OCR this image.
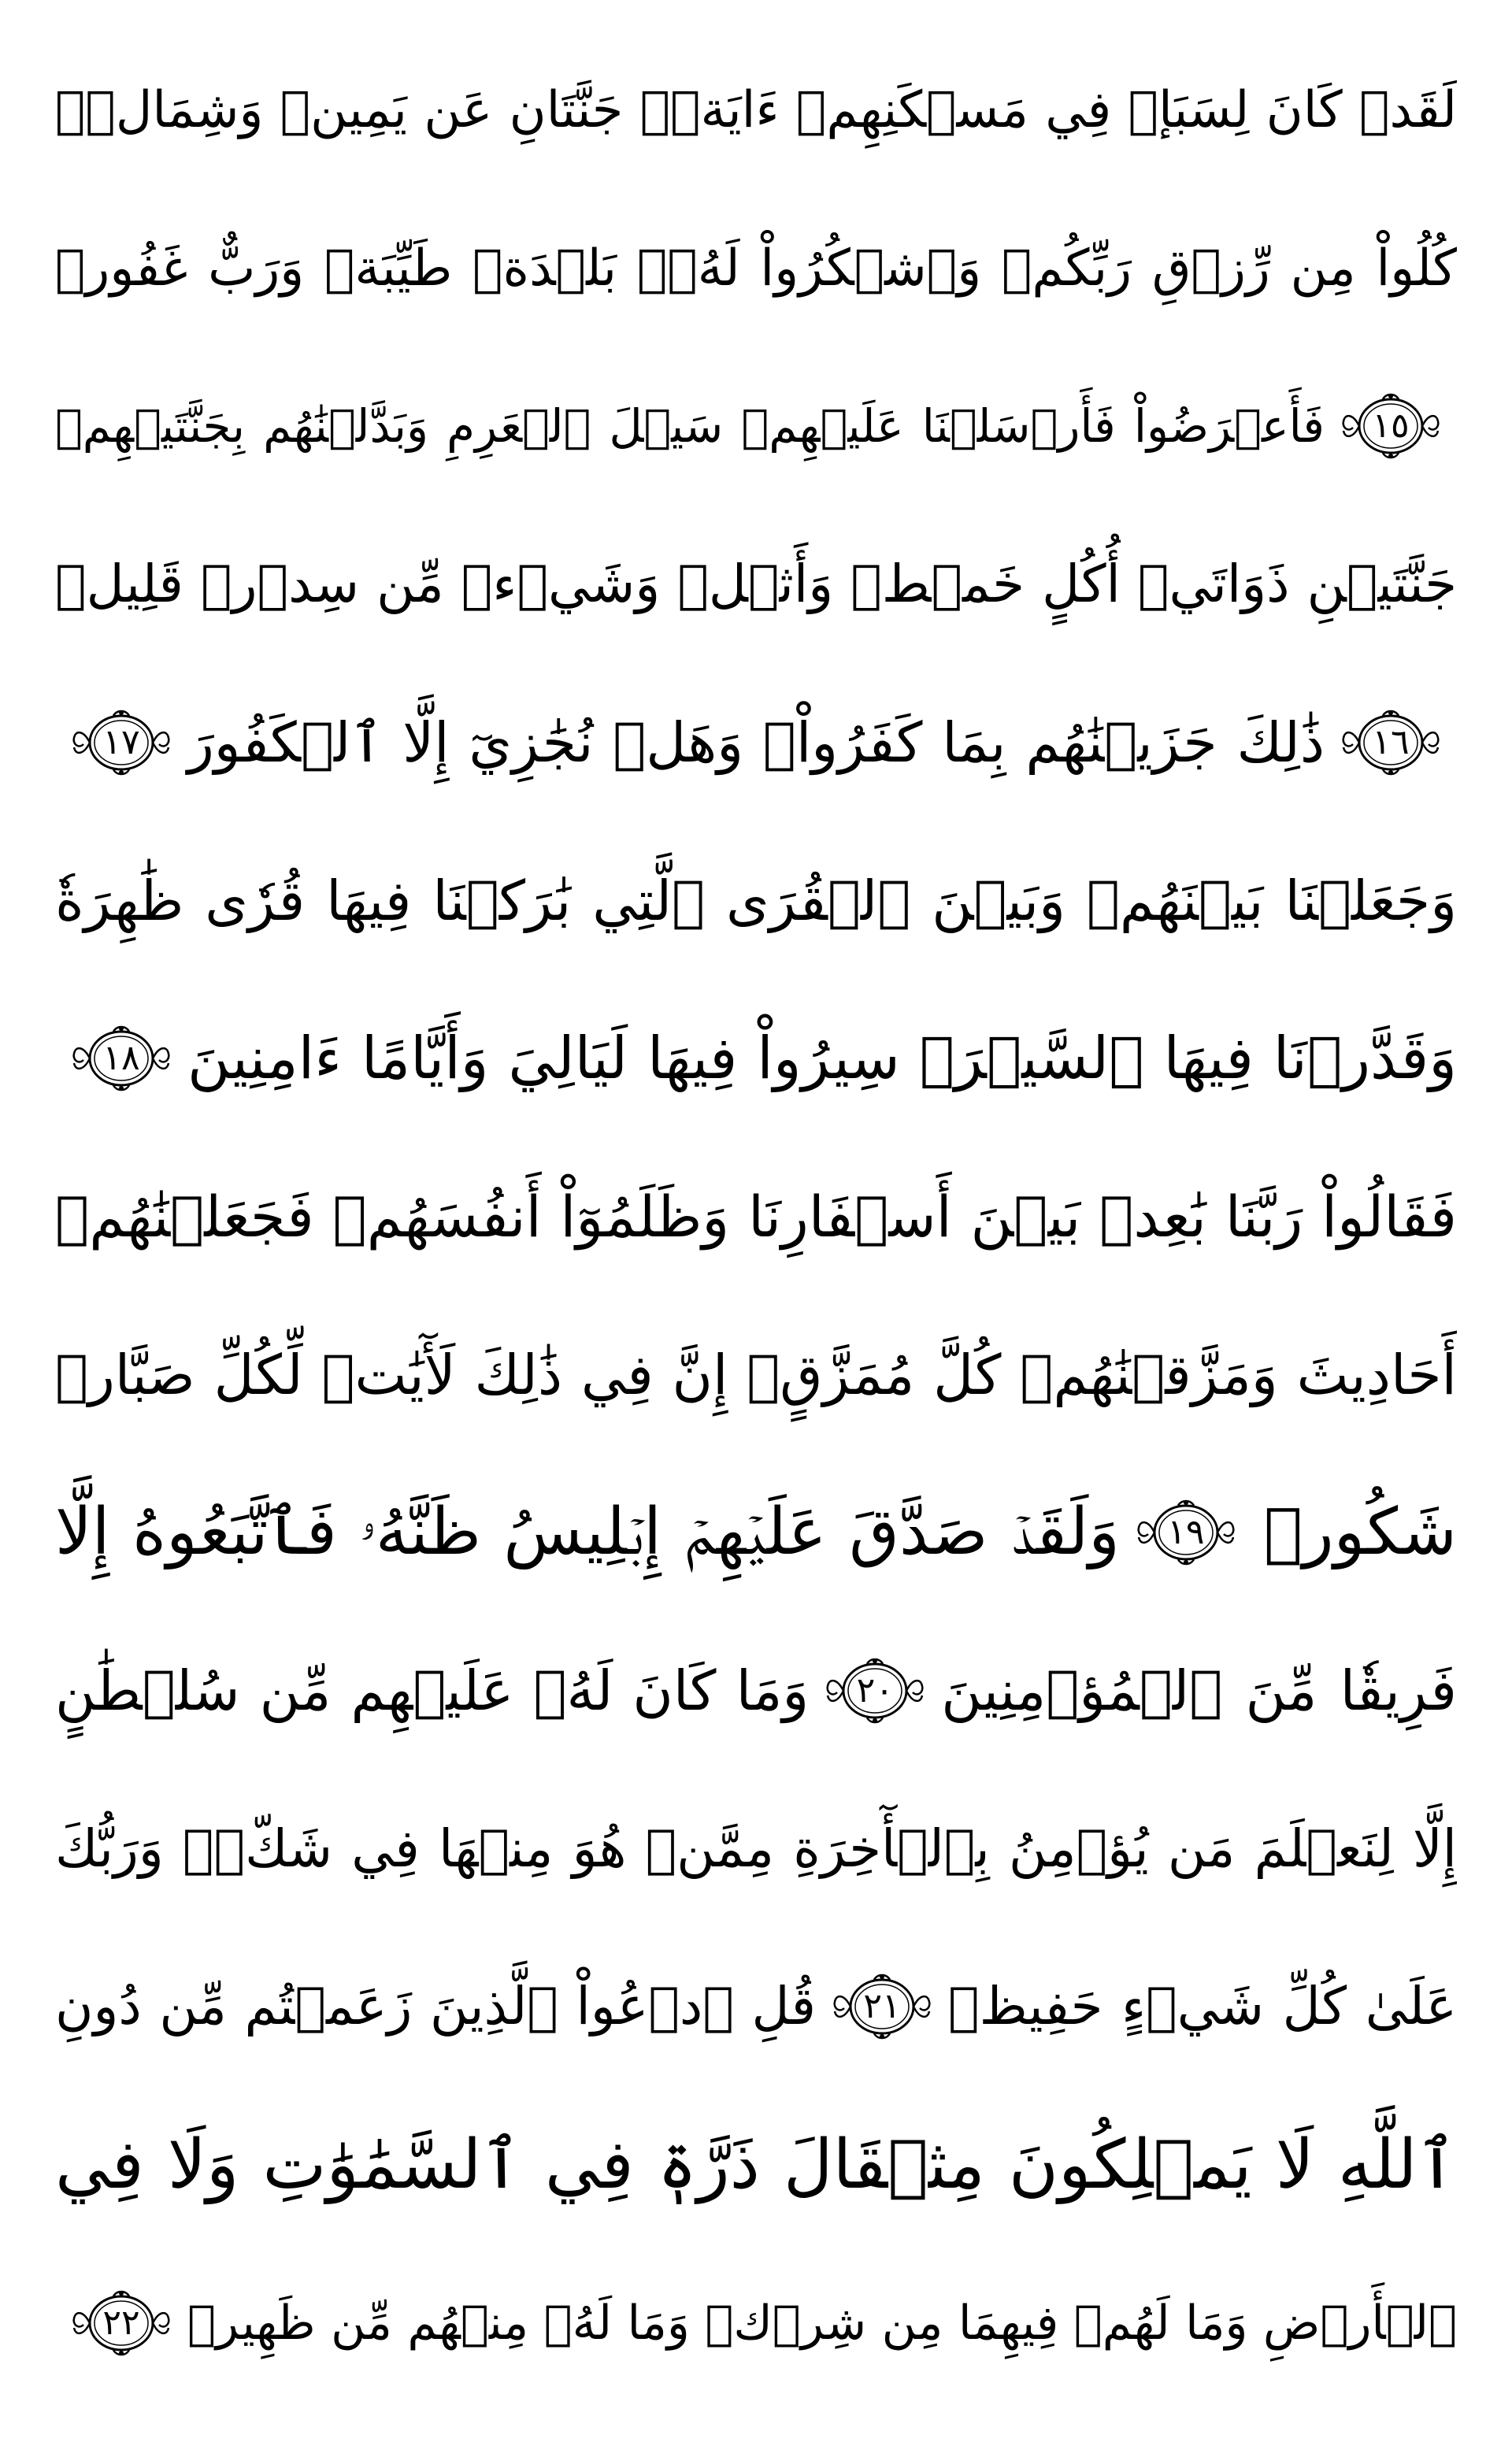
لَقَدۡ كَانَ لِسَبَإٖ فِي مَسۡكَنِهِمۡ ءَايَةٞۖ جَنَّتَانِ عَن يَمِينٖ وَشِمَالٖۖ
كُلُواْ مِن رِّزۡقِ رَبِّكُمۡ وَٱشۡكُرُواْ لَهُۥۚ بَلۡدَةٞ طَيِّبَةٞ وَرَبٌّ غَفُورٞ
١٥
فَأَعۡرَضُواْ فَأَرۡسَلۡنَا عَلَيۡهِمۡ سَيۡلَ ٱلۡعَرِمِ وَبَدَّلۡنَٰهُم بِجَنَّتَيۡهِمۡ
جَنَّتَيۡنِ ذَوَاتَيۡ أُكُلٍ خَمۡطٖ وَأَثۡلٖ وَشَيۡءٖ مِّن سِدۡرٖ قَلِيلٖ
١٦
ذَٰلِكَ جَزَيۡنَٰهُم بِمَا كَفَرُواْۖ وَهَلۡ نُجَٰزِيٓ إِلَّا ٱلۡكَفُورَ
١٧
وَجَعَلۡنَا بَيۡنَهُمۡ وَبَيۡنَ ٱلۡقُرَى ٱلَّتِي بَٰرَكۡنَا فِيهَا قُرٗى ظَٰهِرَةٗ
وَقَدَّرۡنَا فِيهَا ٱلسَّيۡرَۖ سِيرُواْ فِيهَا لَيَالِيَ وَأَيَّامًا ءَامِنِينَ
١٨
فَقَالُواْ رَبَّنَا بَٰعِدۡ بَيۡنَ أَسۡفَارِنَا وَظَلَمُوٓاْ أَنفُسَهُمۡ فَجَعَلۡنَٰهُمۡ
أَحَادِيثَ وَمَزَّقۡنَٰهُمۡ كُلَّ مُمَزَّقٍۚ إِنَّ فِي ذَٰلِكَ لَأٓيَٰتٖ لِّكُلِّ صَبَّارٖ
شَكُورٖ
١٩
وَلَقَدۡ صَدَّقَ عَلَيۡهِمۡ إِبۡلِيسُ ظَنَّهُۥ فَٱتَّبَعُوهُ إِلَّا
فَرِيقٗا مِّنَ ٱلۡمُؤۡمِنِينَ
٢٠
وَمَا كَانَ لَهُۥ عَلَيۡهِم مِّن سُلۡطَٰنٍ
إِلَّا لِنَعۡلَمَ مَن يُؤۡمِنُ بِٱلۡأٓخِرَةِ مِمَّنۡ هُوَ مِنۡهَا فِي شَكّٖۗ وَرَبُّكَ
عَلَىٰ كُلِّ شَيۡءٍ حَفِيظٞ
٢١
قُلِ ٱدۡعُواْ ٱلَّذِينَ زَعَمۡتُم مِّن دُونِ
ٱللَّهِ لَا يَمۡلِكُونَ مِثۡقَالَ ذَرَّةٖ فِي ٱلسَّمَٰوَٰتِ وَلَا فِي
ٱلۡأَرۡضِ وَمَا لَهُمۡ فِيهِمَا مِن شِرۡكٖ وَمَا لَهُۥ مِنۡهُم مِّن ظَهِيرٖ
٢٢
